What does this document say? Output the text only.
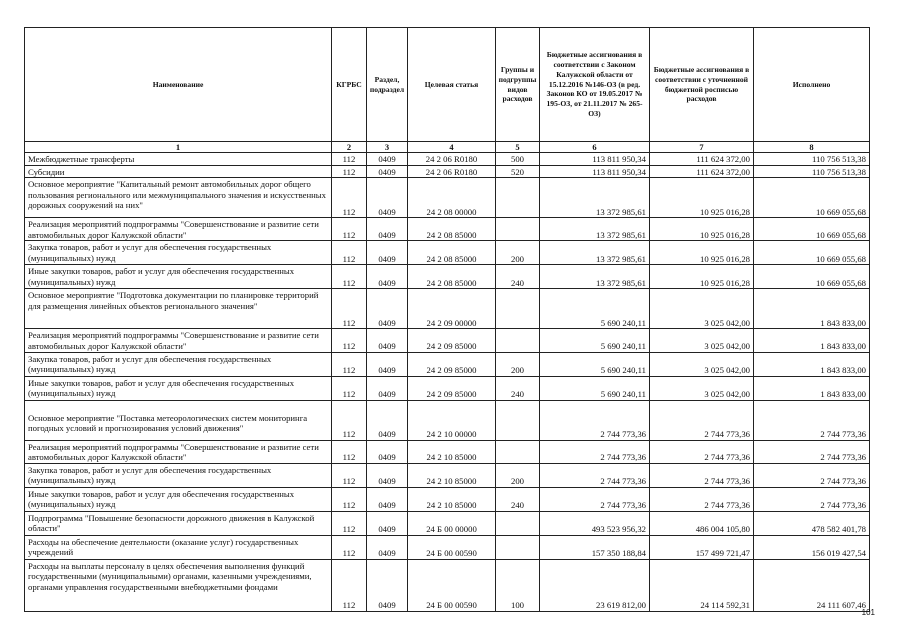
Наименование	КГРБС	Раздел, подраздел	Целевая статья	Группы и подгруппы видов расходов	Бюджетные ассигнования в соответствии с Законом Калужской области от 15.12.2016 №146-ОЗ (в ред. Законов КО от 19.05.2017 № 195-ОЗ, от 21.11.2017 № 265-ОЗ)	Бюджетные ассигнования в соответствии с уточненной бюджетной росписью расходов	Исполнено
1	2	3	4	5	6	7	8
Межбюджетные трансферты	112	0409	24 2 06 R0180	500	113 811 950,34	111 624 372,00	110 756 513,38
Субсидии	112	0409	24 2 06 R0180	520	113 811 950,34	111 624 372,00	110 756 513,38
Основное мероприятие "Капитальный ремонт автомобильных дорог общего пользования регионального или межмуниципального значения и искусственных дорожных сооружений на них"	112	0409	24 2 08 00000		13 372 985,61	10 925 016,28	10 669 055,68
Реализация мероприятий подпрограммы "Совершенствование и развитие сети автомобильных дорог Калужской области"	112	0409	24 2 08 85000		13 372 985,61	10 925 016,28	10 669 055,68
Закупка товаров, работ и услуг для обеспечения государственных (муниципальных) нужд	112	0409	24 2 08 85000	200	13 372 985,61	10 925 016,28	10 669 055,68
Иные закупки товаров, работ и услуг для обеспечения государственных (муниципальных) нужд	112	0409	24 2 08 85000	240	13 372 985,61	10 925 016,28	10 669 055,68
Основное мероприятие "Подготовка документации по планировке территорий для размещения линейных объектов регионального значения"	112	0409	24 2 09 00000		5 690 240,11	3 025 042,00	1 843 833,00
Реализация мероприятий подпрограммы "Совершенствование и развитие сети автомобильных дорог Калужской области"	112	0409	24 2 09 85000		5 690 240,11	3 025 042,00	1 843 833,00
Закупка товаров, работ и услуг для обеспечения государственных (муниципальных) нужд	112	0409	24 2 09 85000	200	5 690 240,11	3 025 042,00	1 843 833,00
Иные закупки товаров, работ и услуг для обеспечения государственных (муниципальных) нужд	112	0409	24 2 09 85000	240	5 690 240,11	3 025 042,00	1 843 833,00
Основное мероприятие "Поставка метеорологических систем мониторинга погодных условий и прогнозирования условий движения"	112	0409	24 2 10 00000		2 744 773,36	2 744 773,36	2 744 773,36
Реализация мероприятий подпрограммы "Совершенствование и развитие сети автомобильных дорог Калужской области"	112	0409	24 2 10 85000		2 744 773,36	2 744 773,36	2 744 773,36
Закупка товаров, работ и услуг для обеспечения государственных (муниципальных) нужд	112	0409	24 2 10 85000	200	2 744 773,36	2 744 773,36	2 744 773,36
Иные закупки товаров, работ и услуг для обеспечения государственных (муниципальных) нужд	112	0409	24 2 10 85000	240	2 744 773,36	2 744 773,36	2 744 773,36
Подпрограмма "Повышение безопасности дорожного движения в Калужской области"	112	0409	24 Б 00 00000		493 523 956,32	486 004 105,80	478 582 401,78
Расходы на обеспечение деятельности (оказание услуг) государственных учреждений	112	0409	24 Б 00 00590		157 350 188,84	157 499 721,47	156 019 427,54
Расходы на выплаты персоналу в целях обеспечения выполнения функций государственными (муниципальными) органами, казенными учреждениями, органами управления государственными внебюджетными фондами	112	0409	24 Б 00 00590	100	23 619 812,00	24 114 592,31	24 111 607,46
101
